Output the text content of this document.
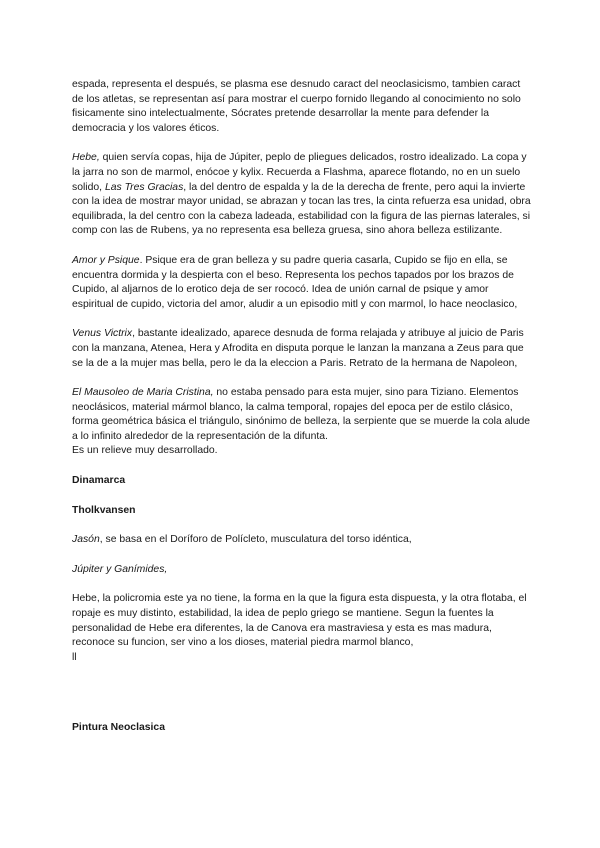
espada, representa el después, se plasma ese desnudo caract del neoclasicismo, tambien caract de los atletas, se representan así para mostrar el cuerpo fornido llegando al conocimiento no solo fisicamente sino intelectualmente, Sócrates pretende desarrollar la mente para defender la democracia y los valores éticos.

Hebe, quien servía copas, hija de Júpiter, peplo de pliegues delicados, rostro idealizado. La copa y la jarra no son de marmol, enócoe y kylix. Recuerda a Flashma, aparece flotando, no en un suelo solido, Las Tres Gracias, la del dentro de espalda y la de la derecha de frente, pero aqui la invierte con la idea de mostrar mayor unidad, se abrazan y tocan las tres, la cinta refuerza esa unidad, obra equilibrada, la del centro con la cabeza ladeada, estabilidad con la figura de las piernas laterales, si comp con las de Rubens, ya no representa esa belleza gruesa, sino ahora belleza estilizante.

Amor y Psique. Psique era de gran belleza y su padre queria casarla, Cupido se fijo en ella, se encuentra dormida y la despierta con el beso. Representa los pechos tapados por los brazos de Cupido, al aljarnos de lo erotico deja de ser rococó. Idea de unión carnal de psique y amor espiritual de cupido, victoria del amor, aludir a un episodio mitl y con marmol, lo hace neoclasico,

Venus Victrix, bastante idealizado, aparece desnuda de forma relajada y atribuye al juicio de Paris con la manzana, Atenea, Hera y Afrodita en disputa porque le lanzan la manzana a Zeus para que se la de a la mujer mas bella, pero le da la eleccion a Paris. Retrato de la hermana de Napoleon,

El Mausoleo de Maria Cristina, no estaba pensado para esta mujer, sino para Tiziano. Elementos neoclásicos, material mármol blanco, la calma temporal, ropajes del epoca per de estilo clásico, forma geométrica básica el triángulo, sinónimo de belleza, la serpiente que se muerde la cola alude a lo infinito alrededor de la representación de la difunta.

Es un relieve muy desarrollado.

Dinamarca

Tholkvansen

Jasón, se basa en el Doríforo de Polícleto, musculatura del torso idéntica,

Júpiter y Ganímides,

Hebe, la policromia este ya no tiene, la forma en la que la figura esta dispuesta, y la otra flotaba, el ropaje es muy distinto, estabilidad, la idea de peplo griego se mantiene. Segun la fuentes la personalidad de Hebe era diferentes, la de Canova era mastraviesa y esta es mas madura, reconoce su funcion, ser vino a los dioses, material piedra marmol blanco,

ll

Pintura Neoclasica
